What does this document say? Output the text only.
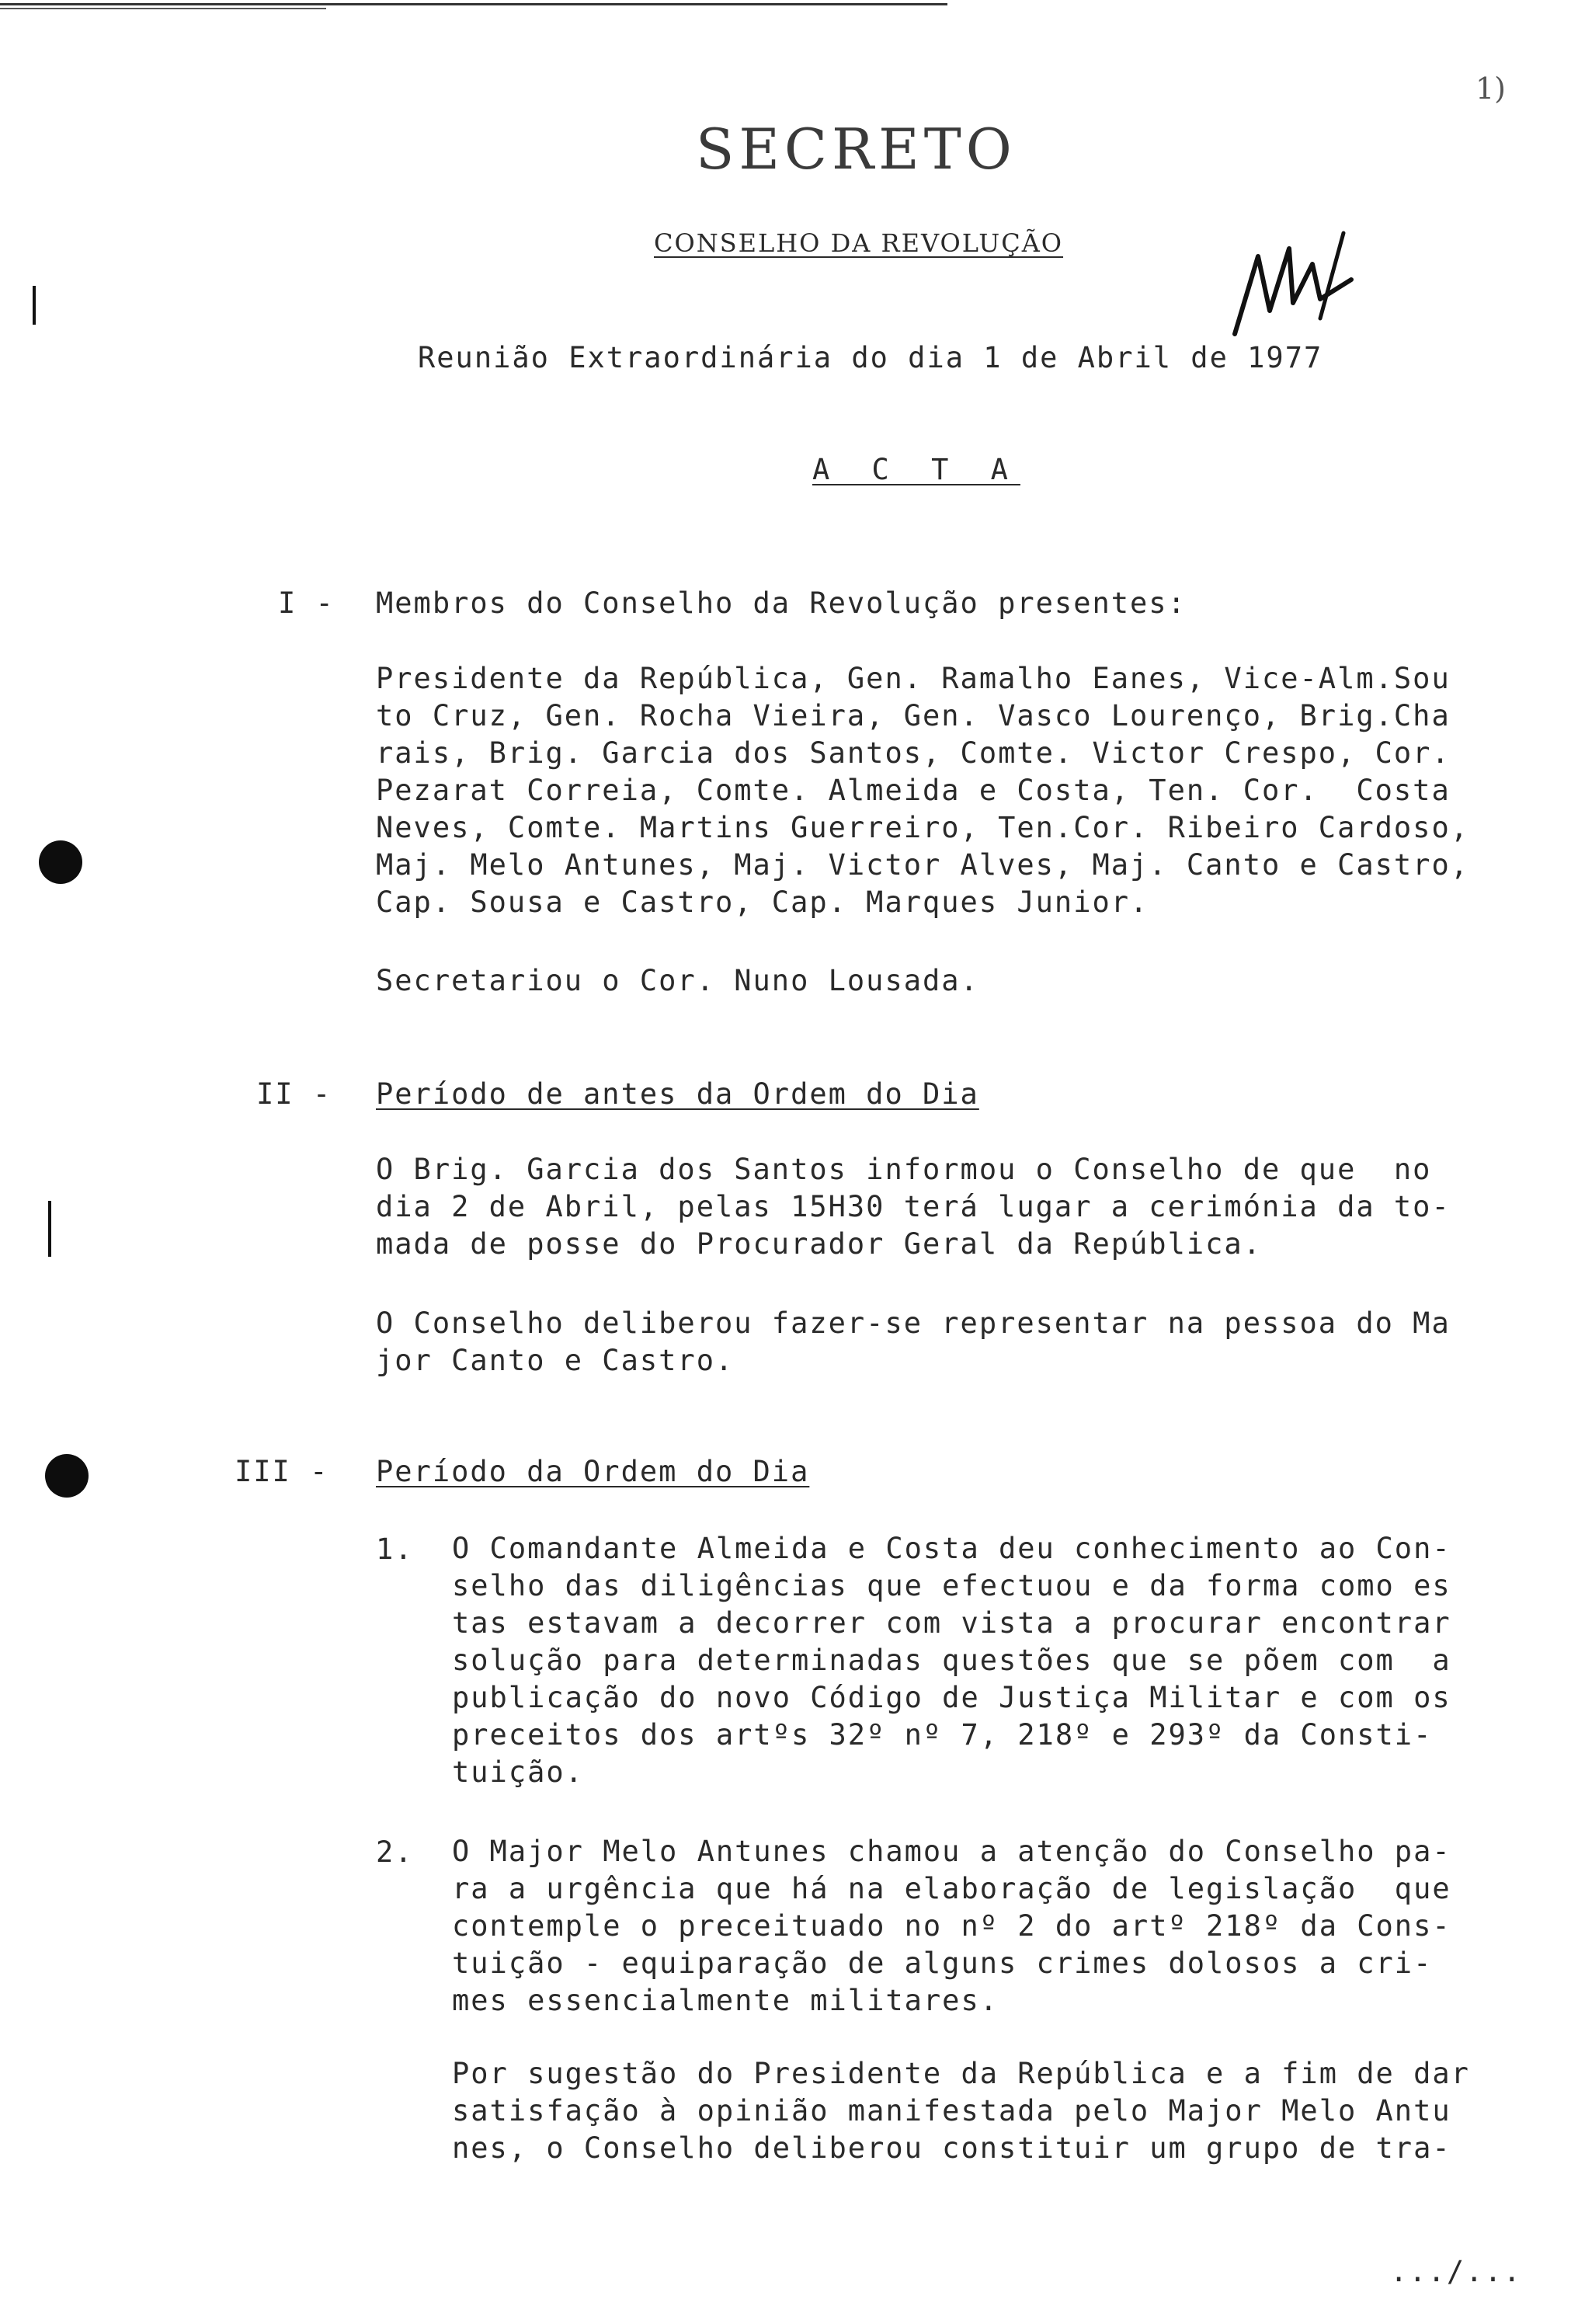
SECRETO
1)
CONSELHO DA REVOLUÇÃO
Reunião Extraordinária do dia 1 de Abril de 1977
A C T A
I - Membros do Conselho da Revolução presentes:

Presidente da República, Gen. Ramalho Eanes, Vice-Alm.Sou

to Cruz, Gen. Rocha Vieira, Gen. Vasco Lourenço, Brig.Cha

rais, Brig. Garcia dos Santos, Comte. Victor Crespo, Cor.

Pezarat Correia, Comte. Almeida e Costa, Ten. Cor.  Costa

Neves, Comte. Martins Guerreiro, Ten.Cor. Ribeiro Cardoso,

Maj. Melo Antunes, Maj. Victor Alves, Maj. Canto e Castro,

Cap. Sousa e Castro, Cap. Marques Junior.

Secretariou o Cor. Nuno Lousada.
II - Período de antes da Ordem do Dia

O Brig. Garcia dos Santos informou o Conselho de que  no

dia 2 de Abril, pelas 15H30 terá lugar a cerimónia da to-

mada de posse do Procurador Geral da República.

O Conselho deliberou fazer-se representar na pessoa do Ma

jor Canto e Castro.

III - Período da Ordem do Dia
1. O Comandante Almeida e Costa deu conhecimento ao Con-

selho das diligências que efectuou e da forma como es

tas estavam a decorrer com vista a procurar encontrar

solução para determinadas questões que se põem com  a

publicação do novo Código de Justiça Militar e com os

preceitos dos artºs 32º nº 7, 218º e 293º da Consti-

tuição.

2. O Major Melo Antunes chamou a atenção do Conselho pa-

ra a urgência que há na elaboração de legislação  que

contemple o preceituado no nº 2 do artº 218º da Cons-

tuição - equiparação de alguns crimes dolosos a cri-

mes essencialmente militares.

Por sugestão do Presidente da República e a fim de dar

satisfação à opinião manifestada pelo Major Melo Antu

nes, o Conselho deliberou constituir um grupo de tra-

.../...
